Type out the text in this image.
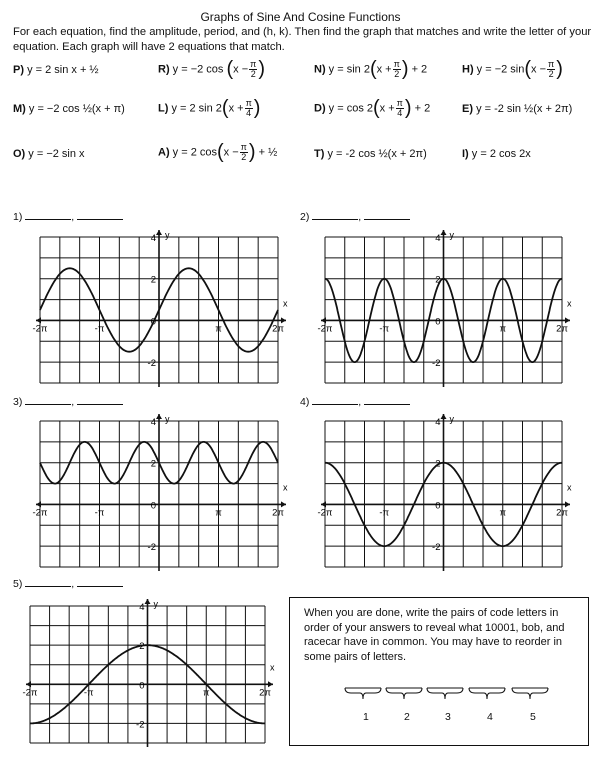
Graphs of Sine And Cosine Functions
For each equation, find the amplitude, period, and (h, k). Then find the graph that matches and write the letter of your equation. Each graph will have 2 equations that match.
P) y = 2 sin x + ½	R) y = −2 $\cos (x - \frac{\pi}{2}$ )	N) $y = \sin 2(x + \frac{\pi}{2}$ ) + 2	H) y = −2 $\sin(x - \frac{\pi}{2}$ )
M) y = −2 cos ½(x + π)	L) y = 2 $\sin 2(x + \frac{\pi}{4}$ )	D) $y = \cos 2(x + \frac{\pi}{4}$ ) + 2	E) y = -2 sin ½(x + 2π)
O) y = −2 sin x	A) y = 2 $\cos(x - \frac{\pi}{2}$ ) + ½	T) y = -2 cos ½(x + 2π)	I) y = 2 cos 2x
1)	,	2)	,
3)	,	4)	,
5)	,
x
y
-2π	-π	π	2π
4
2
0
-2
x
y
-2π	-π	π	2π
4
2
0
-2
x
y
-2π	-π	π	2π
4
2
0
-2
x
y
-2π	-π	π	2π
4
2
0
-2
x
y
-2π	-π	π	2π
4
2
0
-2

When you are done, write the pairs of code letters in order of your answers to reveal what 10001, bob, and racecar have in common. You may have to reorder in some pairs of letters.

1	2	3	4	5
